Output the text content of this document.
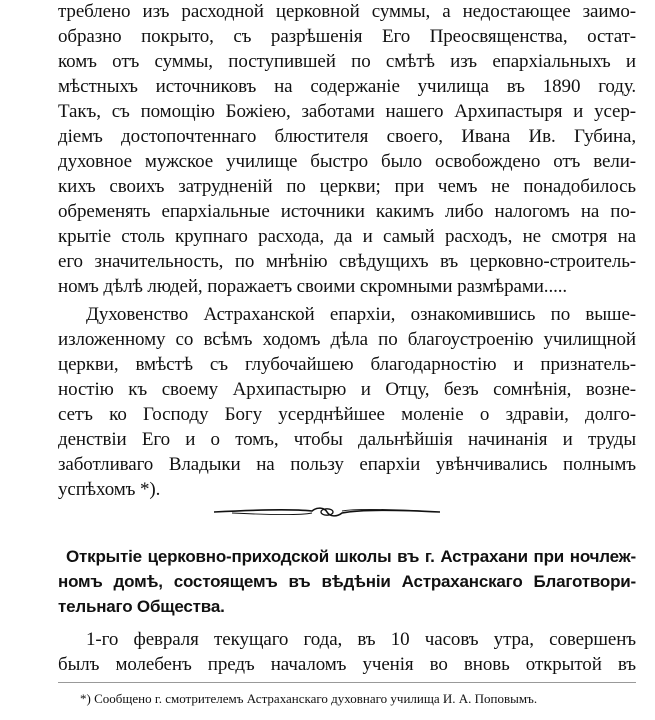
треблено изъ расходной церковной суммы, а недостающее заимо-
образно покрыто, съ разрѣшенія Его Преосвященства, остат-
комъ отъ суммы, поступившей по смѣтѣ изъ епархіальныхъ и
мѣстныхъ источниковъ на содержаніе училища въ 1890 году.
Такъ, съ помощію Божіею, заботами нашего Архипастыря и усер-
діемъ достопочтеннаго блюстителя своего, Ивана Ив. Губина,
духовное мужское училище быстро было освобождено отъ вели-
кихъ своихъ затрудненій по церкви; при чемъ не понадобилось
обременять епархіальные источники какимъ либо налогомъ на по-
крытіе столь крупнаго расхода, да и самый расходъ, не смотря на
его значительность, по мнѣнію свѣдущихъ въ церковно-строитель-
номъ дѣлѣ людей, поражаетъ своими скромными размѣрами.....
Духовенство Астраханской епархіи, ознакомившись по выше-
изложенному со всѣмъ ходомъ дѣла по благоустроенію училищной
церкви, вмѣстѣ съ глубочайшею благодарностію и признатель-
ностію къ своему Архипастырю и Отцу, безъ сомнѣнія, возне-
сетъ ко Господу Богу усерднѣйшее моленіе о здравіи, долго-
денствіи Его и о томъ, чтобы дальнѣйшія начинанія и труды
заботливаго Владыки на пользу епархіи увѣнчивались полнымъ
успѣхомъ *).
Открытіе церковно-приходской школы въ г. Астрахани при ночлеж-
номъ домѣ, состоящемъ въ вѣдѣніи Астраханскаго Благотвори-
тельнаго Общества.
1-го февраля текущаго года, въ 10 часовъ утра, совершенъ
былъ молебенъ предъ началомъ ученія во вновь открытой въ
*) Сообщено г. смотрителемъ Астраханскаго духовнаго училища И. А. Поповымъ.
